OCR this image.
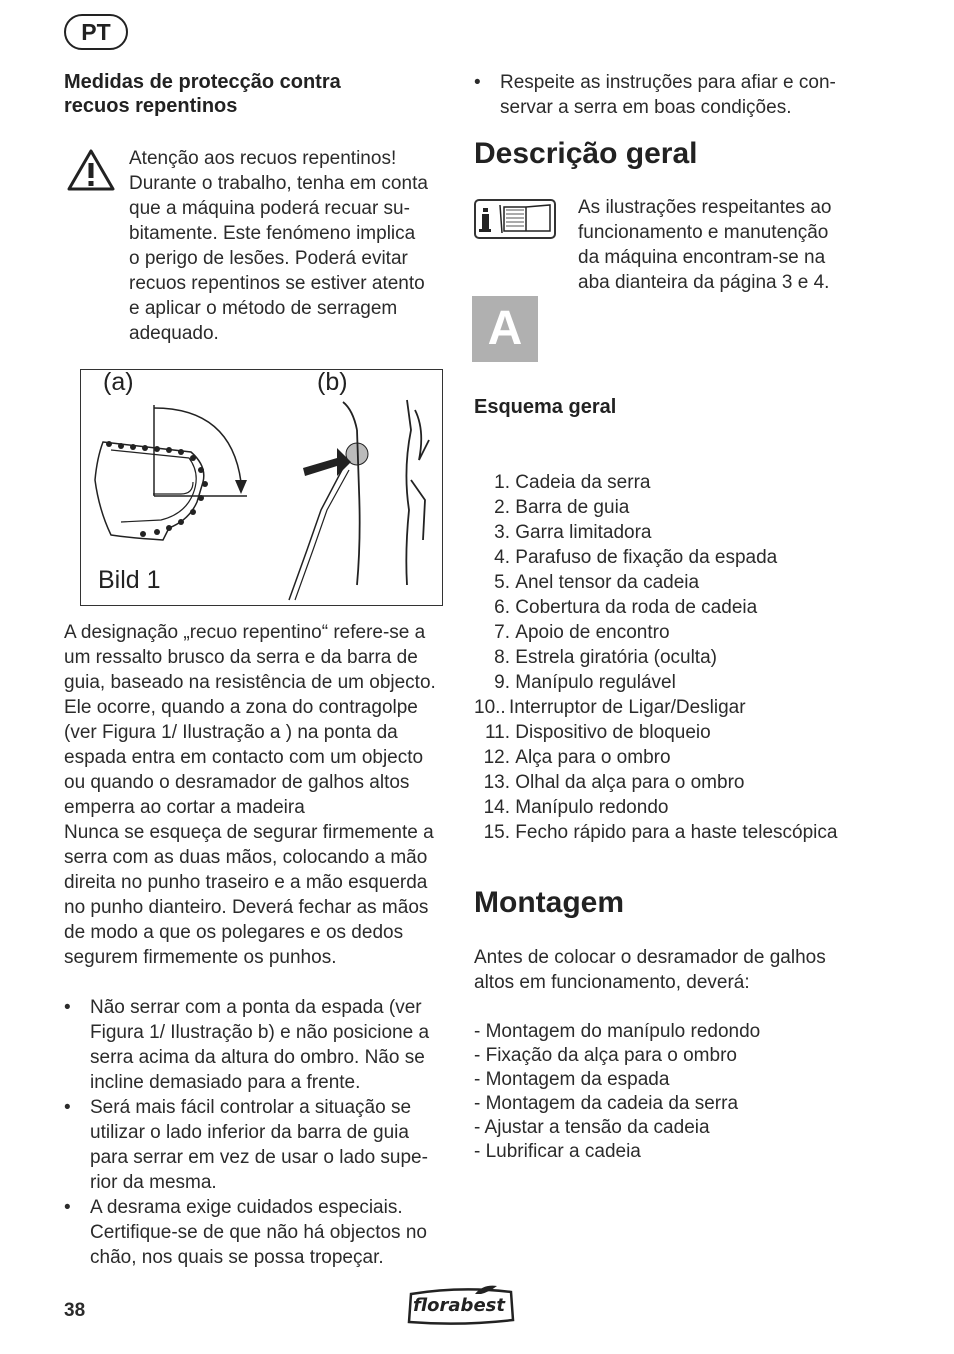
PT
Medidas de protecção contra
recuos repentinos
Atenção aos recuos repentinos!
Durante o trabalho, tenha em conta
que a máquina poderá recuar su-
bitamente. Este fenómeno implica
o perigo de lesões. Poderá evitar
recuos repentinos se estiver atento
e aplicar o método de serragem
adequado.
(a)	(b)
Bild 1
A designação „recuo repentino“ refere-se a
um ressalto brusco da serra e da barra de
guia, baseado na resistência de um objecto.
Ele ocorre, quando a zona do contragolpe
(ver Figura 1/ Ilustração a ) na ponta da
espada entra em contacto com um objecto
ou quando o desramador de galhos altos
emperra ao cortar a madeira
Nunca se esqueça de segurar firmemente a
serra com as duas mãos, colocando a mão
direita no punho traseiro e a mão esquerda
no punho dianteiro. Deverá fechar as mãos
de modo a que os polegares e os dedos
segurem firmemente os punhos.
• Não serrar com a ponta da espada (ver
Figura 1/ Ilustração b) e não posicione a
serra acima da altura do ombro. Não se
incline demasiado para a frente.
• Será mais fácil controlar a situação se
utilizar o lado inferior da barra de guia
para serrar em vez de usar o lado supe-
rior da mesma.
• A desrama exige cuidados especiais.
Certifique-se de que não há objectos no
chão, nos quais se possa tropeçar.
• Respeite as instruções para afiar e con-
servar a serra em boas condições.
Descrição geral
As ilustrações respeitantes ao
funcionamento e manutenção
da máquina encontram-se na
aba dianteira da página 3 e 4.
A
Esquema geral
1.
Cadeia da serra
2.
Barra de guia
3.
Garra limitadora
4.
Parafuso de fixação da espada
5.
Anel tensor da cadeia
6.
Cobertura da roda de cadeia
7.
Apoio de encontro
8.
Estrela giratória (oculta)
9.
Manípulo regulável
10.. Interruptor de Ligar/Desligar
11.
Dispositivo de bloqueio
12.
Alça para o ombro
13.
Olhal da alça para o ombro
14.
Manípulo redondo
15.
Fecho rápido para a haste telescópica
Montagem
Antes de colocar o desramador de galhos
altos em funcionamento, deverá:
- Montagem do manípulo redondo
- Fixação da alça para o ombro
- Montagem da espada
- Montagem da cadeia da serra
- Ajustar a tensão da cadeia
- Lubrificar a cadeia
38	florabest
